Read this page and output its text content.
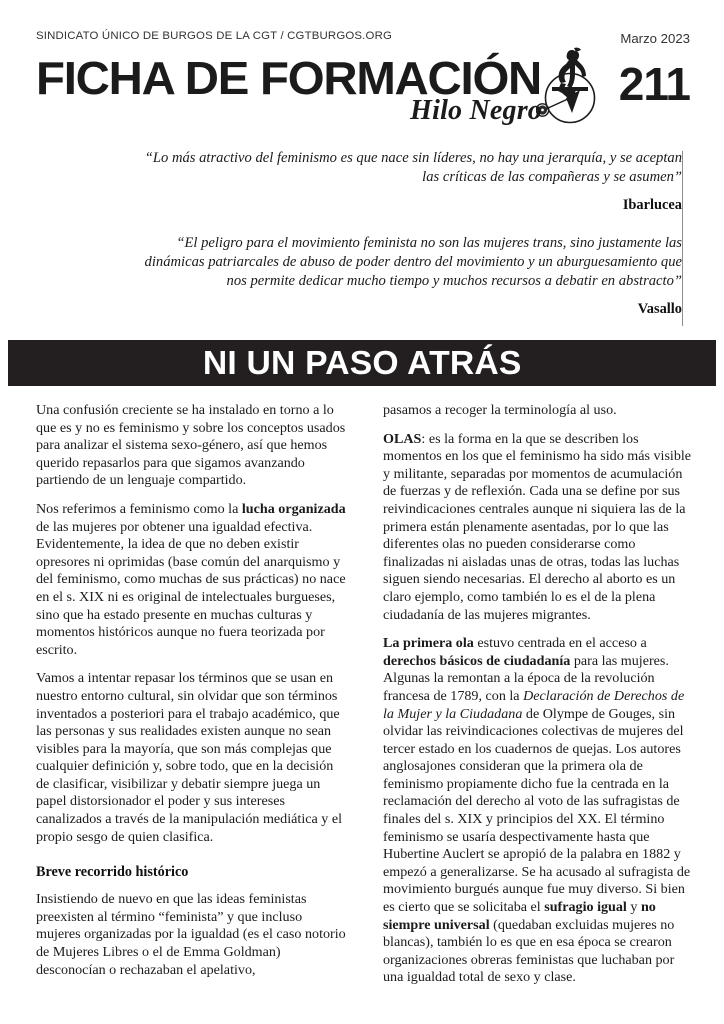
SINDICATO ÚNICO DE BURGOS DE LA CGT / CGTBURGOS.ORG	Marzo 2023
FICHA DE FORMACIÓN
Hilo Negro
211
“Lo más atractivo del feminismo es que nace sin líderes, no hay una jerarquía, y se aceptan las críticas de las compañeras y se asumen”
Ibarlucea
“El peligro para el movimiento feminista no son las mujeres trans, sino justamente las dinámicas patriarcales de abuso de poder dentro del movimiento y un aburguesamiento que nos permite dedicar mucho tiempo y muchos recursos a debatir en abstracto”
Vasallo
NI UN PASO ATRÁS

Una confusión creciente se ha instalado en torno a lo que es y no es feminismo y sobre los conceptos usados para analizar el sistema sexo-género, así que hemos querido repasarlos para que sigamos avanzando partiendo de un lenguaje compartido.

Nos referimos a feminismo como la lucha organizada de las mujeres por obtener una igualdad efectiva. Evidentemente, la idea de que no deben existir opresores ni oprimidas (base común del anarquismo y del feminismo, como muchas de sus prácticas) no nace en el s. XIX ni es original de intelectuales burgueses, sino que ha estado presente en muchas culturas y momentos históricos aunque no fuera teorizada por escrito.

Vamos a intentar repasar los términos que se usan en nuestro entorno cultural, sin olvidar que son términos inventados a posteriori para el trabajo académico, que las personas y sus realidades existen aunque no sean visibles para la mayoría, que son más complejas que cualquier definición y, sobre todo, que en la decisión de clasificar, visibilizar y debatir siempre juega un papel distorsionador el poder y sus intereses canalizados a través de la manipulación mediática y el propio sesgo de quien clasifica.

Breve recorrido histórico

Insistiendo de nuevo en que las ideas feministas preexisten al término “feminista” y que incluso mujeres organizadas por la igualdad (es el caso notorio de Mujeres Libres o el de Emma Goldman) desconocían o rechazaban el apelativo,

pasamos a recoger la terminología al uso.

OLAS: es la forma en la que se describen los momentos en los que el feminismo ha sido más visible y militante, separadas por momentos de acumulación de fuerzas y de reflexión. Cada una se define por sus reivindicaciones centrales aunque ni siquiera las de la primera están plenamente asentadas, por lo que las diferentes olas no pueden considerarse como finalizadas ni aisladas unas de otras, todas las luchas siguen siendo necesarias. El derecho al aborto es un claro ejemplo, como también lo es el de la plena ciudadanía de las mujeres migrantes.

La primera ola estuvo centrada en el acceso a derechos básicos de ciudadanía para las mujeres. Algunas la remontan a la época de la revolución francesa de 1789, con la Declaración de Derechos de la Mujer y la Ciudadana de Olympe de Gouges, sin olvidar las reivindicaciones colectivas de mujeres del tercer estado en los cuadernos de quejas. Los autores anglosajones consideran que la primera ola de feminismo propiamente dicho fue la centrada en la reclamación del derecho al voto de las sufragistas de finales del s. XIX y principios del XX. El término feminismo se usaría despectivamente hasta que Hubertine Auclert se apropió de la palabra en 1882 y empezó a generalizarse. Se ha acusado al sufragista de movimiento burgués aunque fue muy diverso. Si bien es cierto que se solicitaba el sufragio igual y no siempre universal (quedaban excluidas mujeres no blancas), también lo es que en esa época se crearon organizaciones obreras feministas que luchaban por una igualdad total de sexo y clase.
